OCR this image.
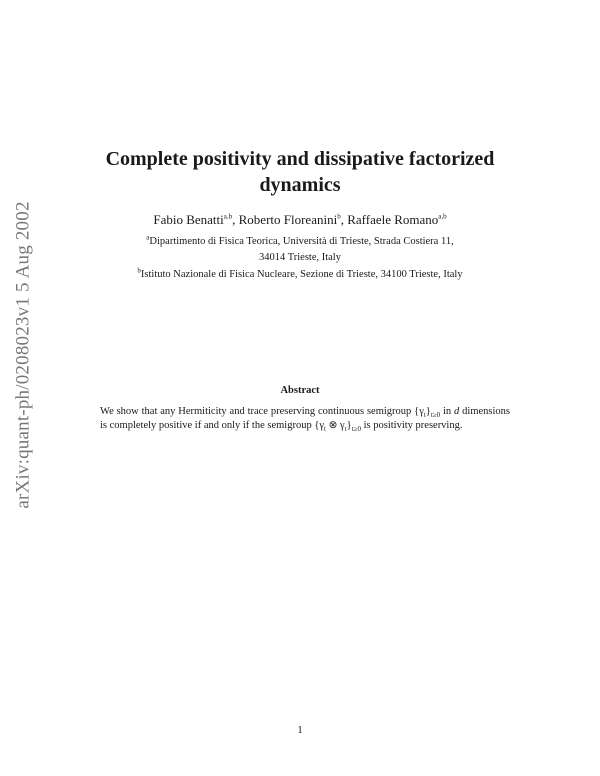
arXiv:quant-ph/0208023v1 5 Aug 2002
Complete positivity and dissipative factorized
dynamics
Fabio Benatti$^{a,b}$, Roberto Floreanini$^b$, Raffaele Romano$^{a,b}$
$^a$Dipartimento di Fisica Teorica, Università di Trieste, Strada Costiera 11,
34014 Trieste, Italy
$^b$Istituto Nazionale di Fisica Nucleare, Sezione di Trieste, 34100 Trieste, Italy
Abstract
We show that any Hermiticity and trace preserving continuous semigroup $\{\gamma_t\}_{t\ge 0}$ in d dimensions is completely positive if and only if the semigroup {$\gamma_t$ ⊗ $\gamma_t\}_{t\ge 0}$ is positivity preserving.
1
